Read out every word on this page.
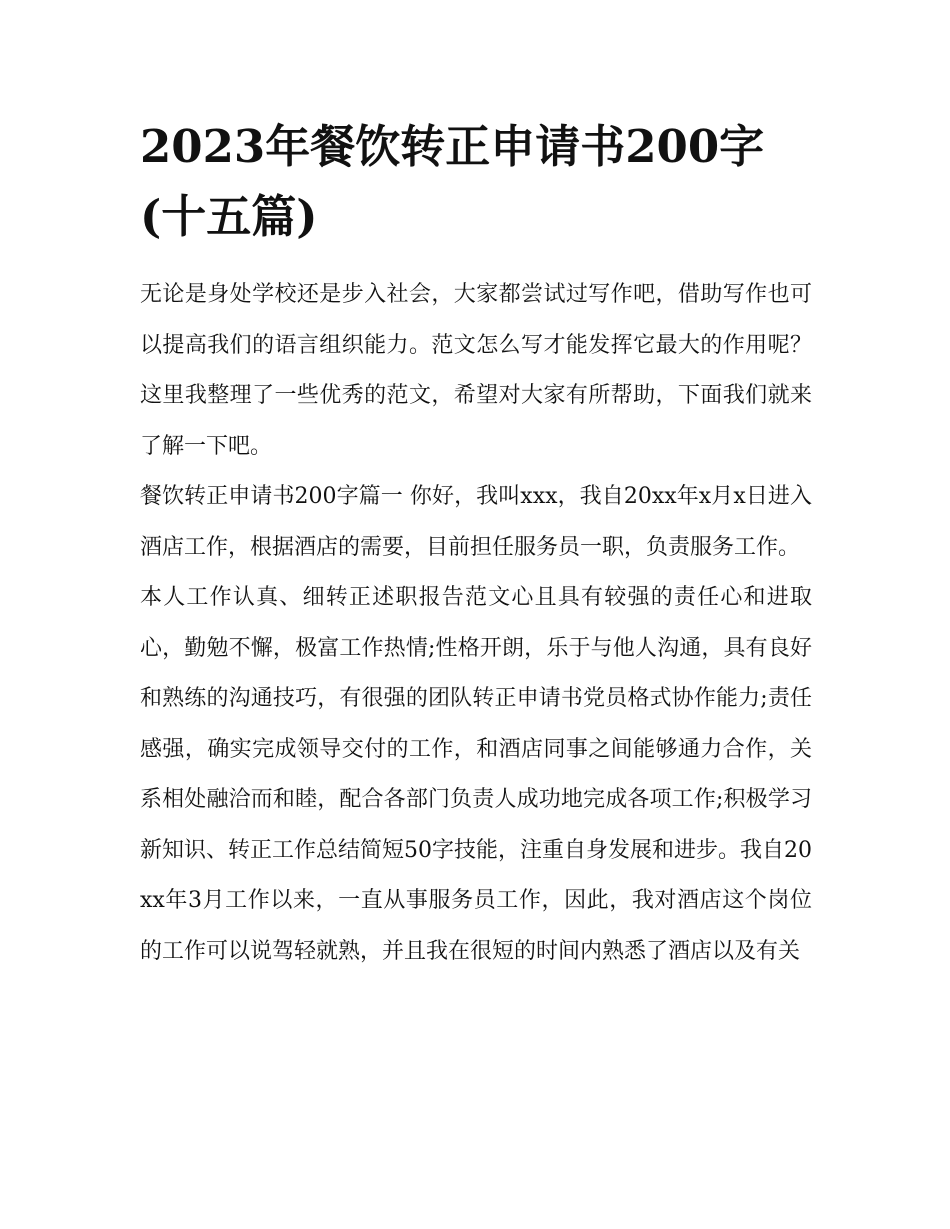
2023年餐饮转正申请书200字(十五篇)

无论是身处学校还是步入社会，大家都尝试过写作吧，借助写作也可以提高我们的语言组织能力。范文怎么写才能发挥它最大的作用呢？这里我整理了一些优秀的范文，希望对大家有所帮助，下面我们就来了解一下吧。

餐饮转正申请书200字篇一 你好，我叫xxx，我自20xx年x月x日进入酒店工作，根据酒店的需要，目前担任服务员一职，负责服务工作。

本人工作认真、细转正述职报告范文心且具有较强的责任心和进取心，勤勉不懈，极富工作热情;性格开朗，乐于与他人沟通，具有良好和熟练的沟通技巧，有很强的团队转正申请书党员格式协作能力;责任感强，确实完成领导交付的工作，和酒店同事之间能够通力合作，关系相处融洽而和睦，配合各部门负责人成功地完成各项工作;积极学习新知识、转正工作总结简短50字技能，注重自身发展和进步。我自20xx年3月工作以来，一直从事服务员工作，因此，我对酒店这个岗位的工作可以说驾轻就熟，并且我在很短的时间内熟悉了酒店以及有关
